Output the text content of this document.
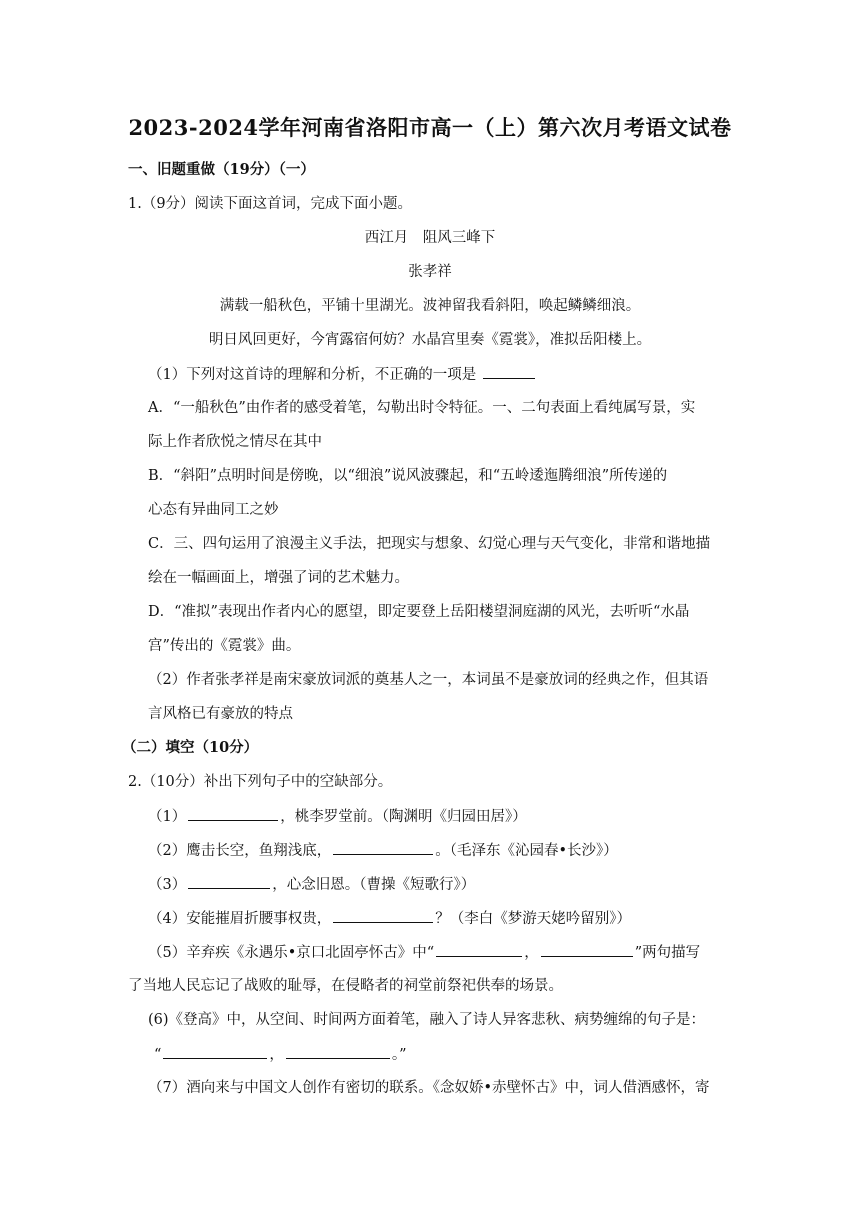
2023-2024学年河南省洛阳市高一（上）第六次月考语文试卷
一、旧题重做（19分）（一）
1.（9分）阅读下面这首词，完成下面小题。
西江月　阻风三峰下
张孝祥
满载一船秋色，平铺十里湖光。波神留我看斜阳，唤起鳞鳞细浪。
明日风回更好，今宵露宿何妨？水晶宫里奏《霓裳》，准拟岳阳楼上。
（1）下列对这首诗的理解和分析，不正确的一项是
A．“一船秋色”由作者的感受着笔，勾勒出时令特征。一、二句表面上看纯属写景，实
际上作者欣悦之情尽在其中
B．“斜阳”点明时间是傍晚，以“细浪”说风波骤起，和“五岭逶迤腾细浪”所传递的
心态有异曲同工之妙
C．三、四句运用了浪漫主义手法，把现实与想象、幻觉心理与天气变化，非常和谐地描
绘在一幅画面上，增强了词的艺术魅力。
D．“准拟”表现出作者内心的愿望，即定要登上岳阳楼望洞庭湖的风光，去听听“水晶
宫”传出的《霓裳》曲。
（2）作者张孝祥是南宋豪放词派的奠基人之一，本词虽不是豪放词的经典之作，但其语
言风格已有豪放的特点
（二）填空（10分）
2.（10分）补出下列句子中的空缺部分。
（1）	，桃李罗堂前。（陶渊明《归园田居》）
（2）鹰击长空，鱼翔浅底，	。（毛泽东《沁园春•长沙》）
（3）	，心念旧恩。（曹操《短歌行》）
（4）安能摧眉折腰事权贵，	？（李白《梦游天姥吟留别》）
（5）辛弃疾《永遇乐•京口北固亭怀古》中“	，	”两句描写
了当地人民忘记了战败的耻辱，在侵略者的祠堂前祭祀供奉的场景。
(6)《登高》中，从空间、时间两方面着笔，融入了诗人异客悲秋、病势缠绵的句子是：
“	，	。”
（7）酒向来与中国文人创作有密切的联系。《念奴娇•赤壁怀古》中，词人借酒感怀，寄
